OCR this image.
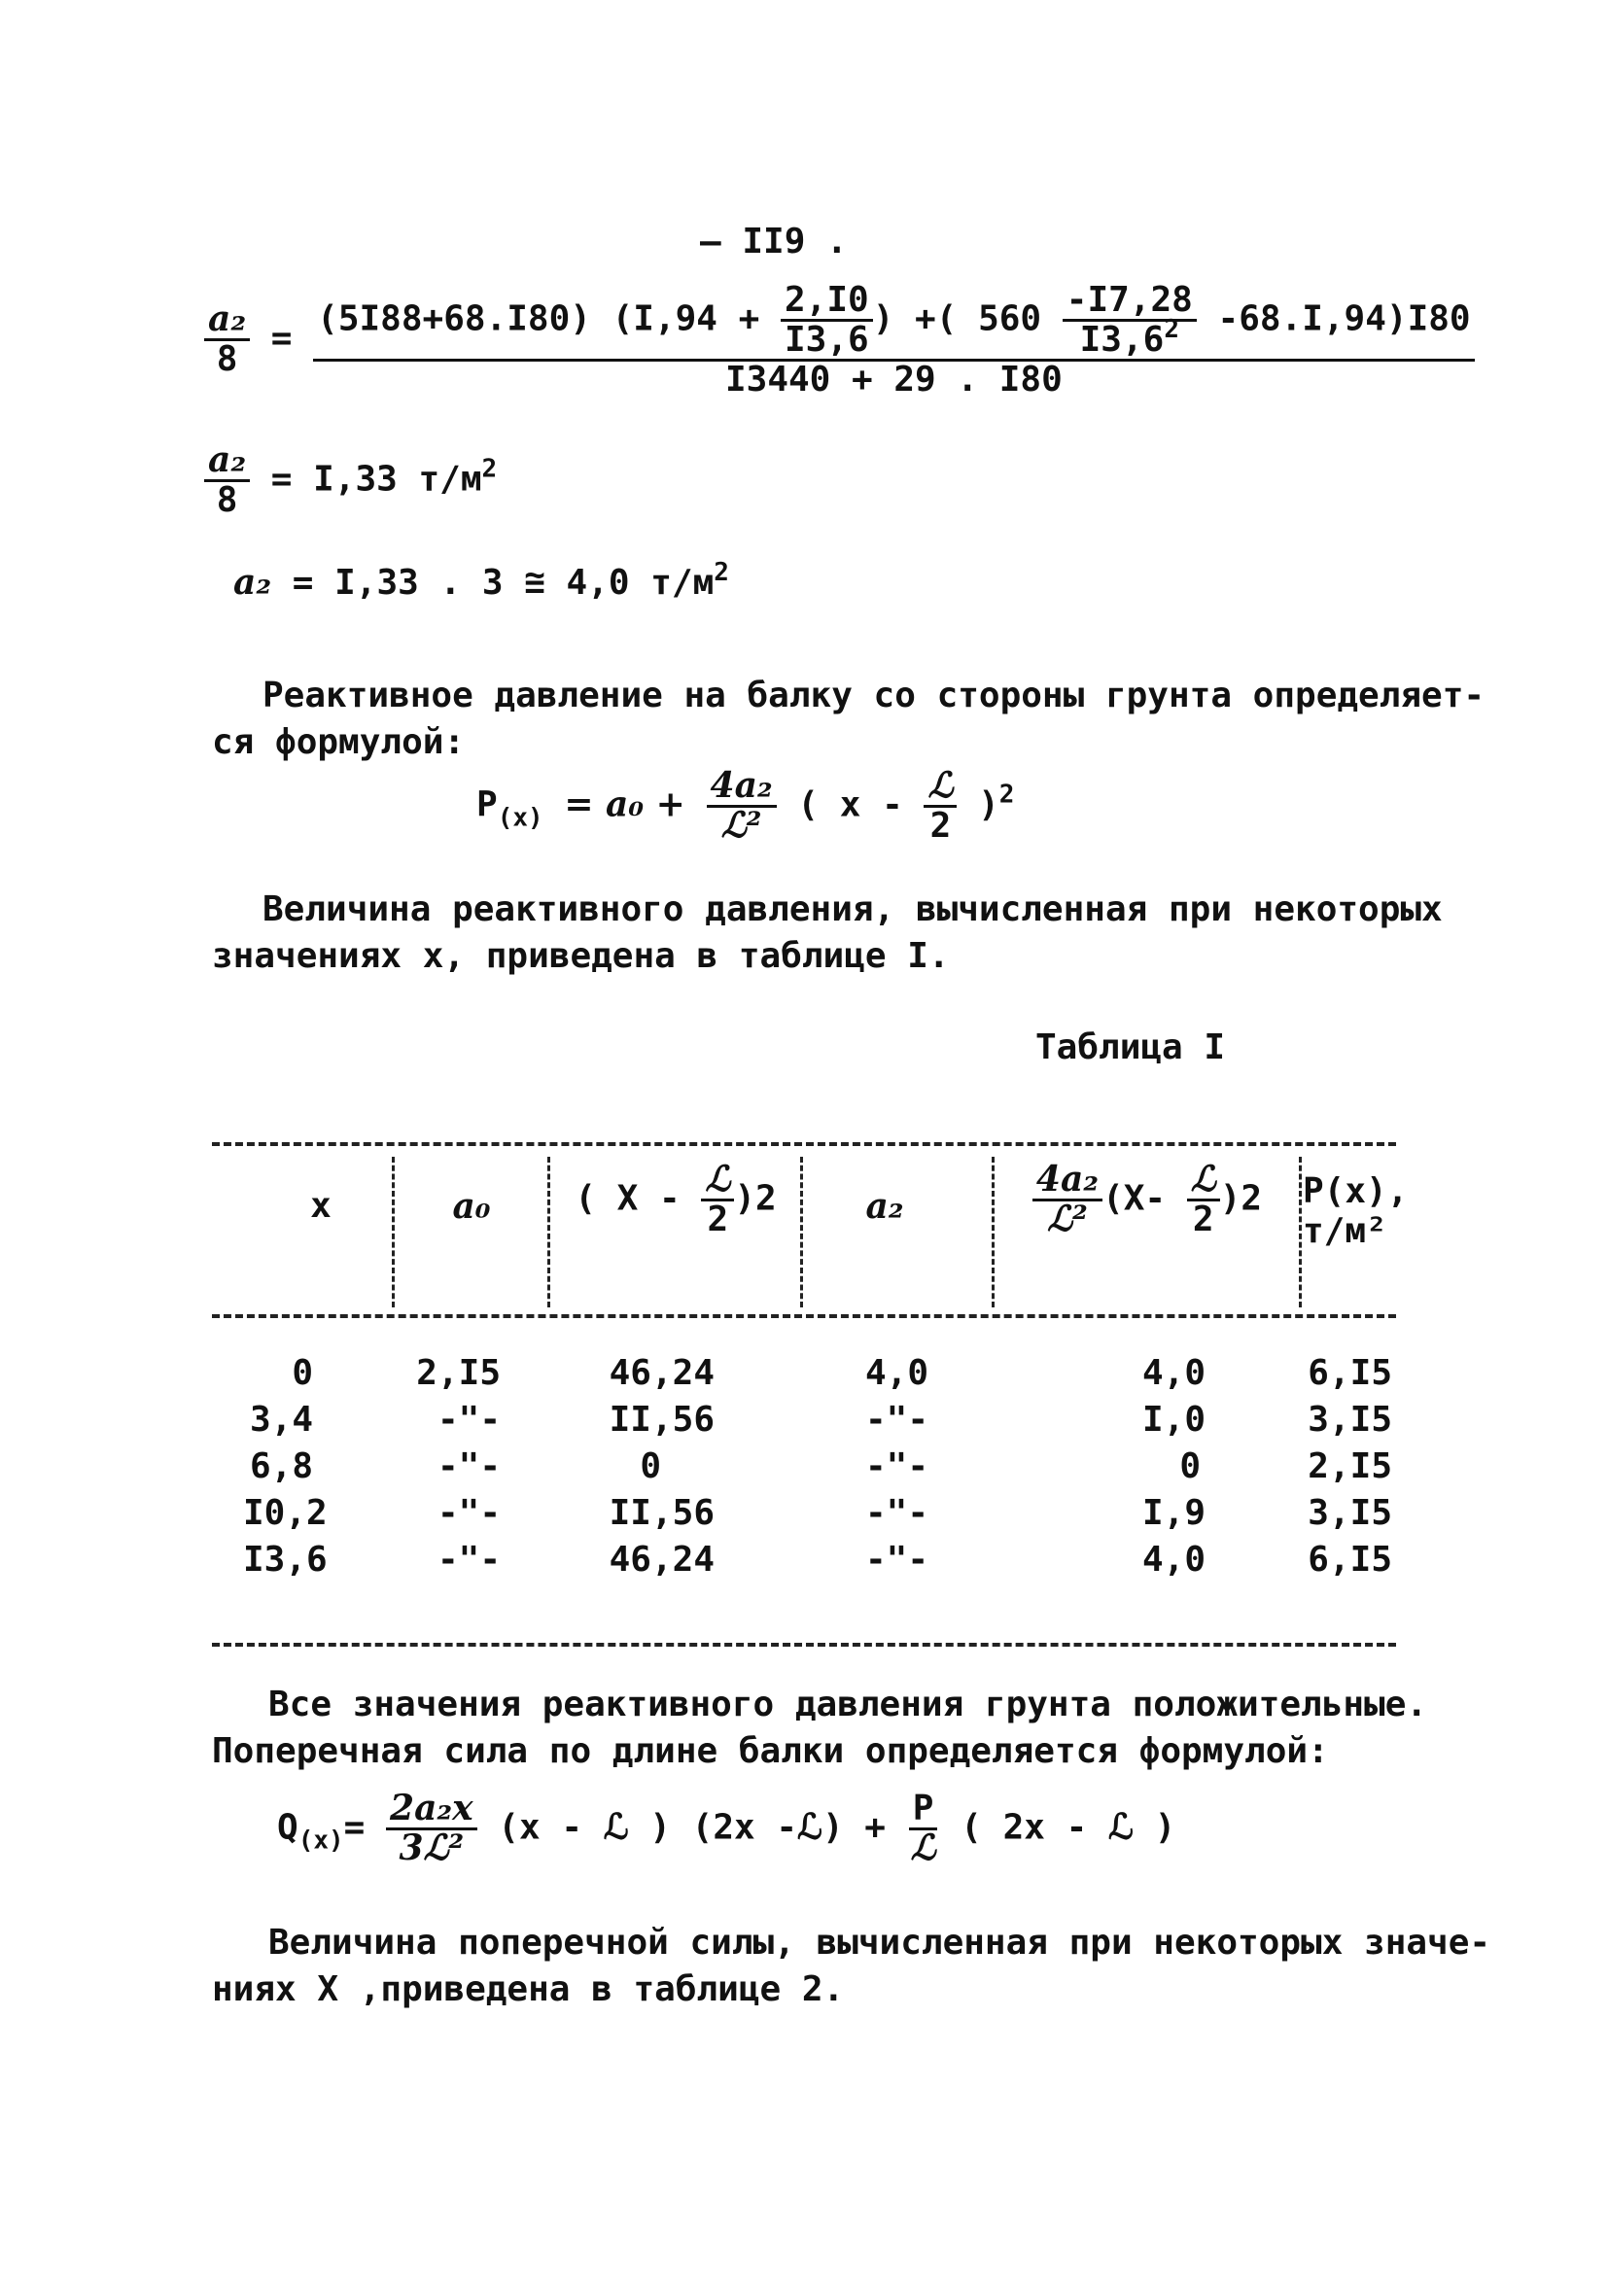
— II9 .
$\frac{\text{a₂}}{8} = (5I88+68.I80) (I,94 + \frac{2,I0}{I3,6}$ ) +( $560 \frac{-I7,28}{I3,6^2} -68.I,94)I80$
I3440 + 29 . I80
$\frac{\text{a₂}}{8} = I,33$ $т/м^2$
a₂ = I,33 . 3 ≅ 4,0 $т/м^2$
Реактивное давление на балку со стороны грунта определяет-
ся формулой:
$P_{(x)} = a_0 + \frac{\text{4a₂}}{\text{ℒ²}}$ ( x - $\frac{\text{ℒ}}{2} )^2$
Величина реактивного давления, вычисленная при некоторых
значениях x, приведена в таблице I.
Таблица I
x	a₀	( X - $\frac{\text{ℒ}}{2} )2$	a₂	$\frac{\text{4a₂}}{\text{ℒ²}} (X- \frac{\text{ℒ}}{2} )2$	P(x),
т/м²
0	2,I5	46,24	4,0	4,0	6,I5
3,4	-"-	II,56	-"-	I,0	3,I5
6,8	-"-	0	-"-	0	2,I5
I0,2	-"-	II,56	-"-	I,9	3,I5
I3,6	-"-	46,24	-"-	4,0	6,I5
Все значения реактивного давления грунта положительные.
Поперечная сила по длине балки определяется формулой:
$Q_{(x)}= \frac{\text{2a₂x}}{\text{3ℒ²}} (x$ - ℒ ) (2x -ℒ) + $\frac{P}{\text{ℒ}}$ ( 2x - ℒ )
Величина поперечной силы, вычисленная при некоторых значе-
ниях X ,приведена в таблице 2.
